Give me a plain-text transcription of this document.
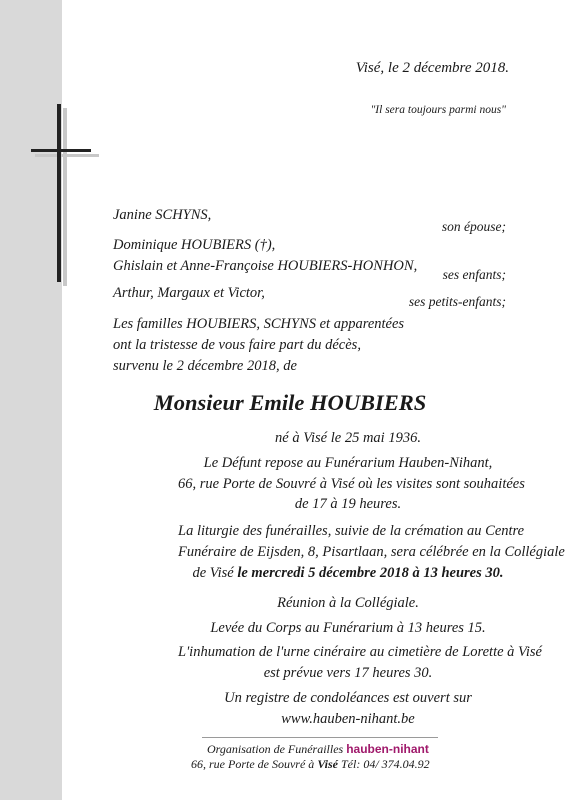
Visé, le 2 décembre 2018.

"Il sera toujours parmi nous"

Janine SCHYNS,

son épouse;

Dominique HOUBIERS (†),

Ghislain et Anne-Françoise HOUBIERS-HONHON,

ses enfants;

Arthur, Margaux et Victor,

ses petits-enfants;

Les familles HOUBIERS, SCHYNS et apparentées

ont la tristesse de vous faire part du décès,

survenu le 2 décembre 2018, de

Monsieur Emile HOUBIERS

né à Visé le 25 mai 1936.
Le Défunt repose au Funérarium Hauben-Nihant,
66, rue Porte de Souvré à Visé où les visites sont souhaitées
de 17 à 19 heures.
La liturgie des funérailles, suivie de la crémation au Centre
Funéraire de Eijsden, 8, Pisartlaan, sera célébrée en la Collégiale
de Visé le mercredi 5 décembre 2018 à 13 heures 30.
Réunion à la Collégiale.
Levée du Corps au Funérarium à 13 heures 15.
L'inhumation de l'urne cinéraire au cimetière de Lorette à Visé
est prévue vers 17 heures 30.
Un registre de condoléances est ouvert sur
www.hauben-nihant.be

Organisation de Funérailles hauben-nihant

66, rue Porte de Souvré à Visé Tél: 04/ 374.04.92
